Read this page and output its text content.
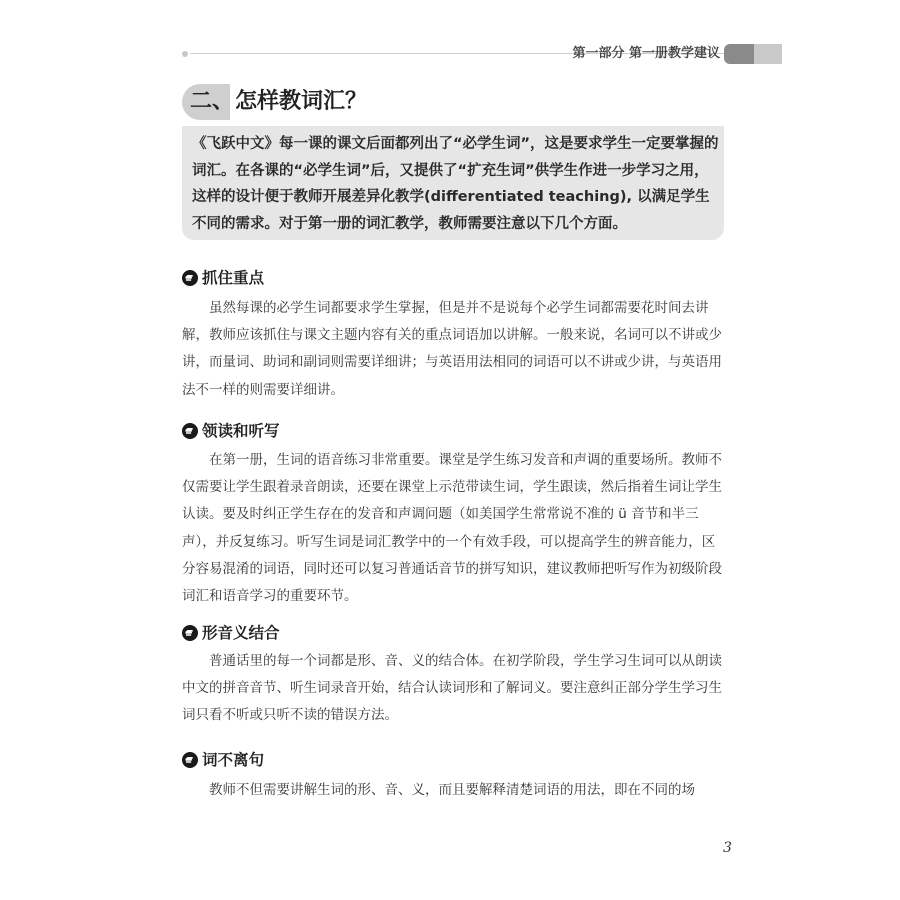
第一部分 第一册教学建议
二、 怎样教词汇？
《飞跃中文》每一课的课文后面都列出了“必学生词”，这是要求学生一定要掌握的词汇。在各课的“必学生词”后，又提供了“扩充生词”供学生作进一步学习之用，这样的设计便于教师开展差异化教学(differentiated teaching), 以满足学生不同的需求。对于第一册的词汇教学，教师需要注意以下几个方面。
抓住重点

虽然每课的必学生词都要求学生掌握，但是并不是说每个必学生词都需要花时间去讲解，教师应该抓住与课文主题内容有关的重点词语加以讲解。一般来说，名词可以不讲或少讲，而量词、助词和副词则需要详细讲；与英语用法相同的词语可以不讲或少讲，与英语用法不一样的则需要详细讲。

领读和听写

在第一册，生词的语音练习非常重要。课堂是学生练习发音和声调的重要场所。教师不仅需要让学生跟着录音朗读，还要在课堂上示范带读生词，学生跟读，然后指着生词让学生认读。要及时纠正学生存在的发音和声调问题（如美国学生常常说不准的 ü 音节和半三声），并反复练习。听写生词是词汇教学中的一个有效手段，可以提高学生的辨音能力，区分容易混淆的词语，同时还可以复习普通话音节的拼写知识，建议教师把听写作为初级阶段词汇和语音学习的重要环节。

形音义结合

普通话里的每一个词都是形、音、义的结合体。在初学阶段，学生学习生词可以从朗读中文的拼音音节、听生词录音开始，结合认读词形和了解词义。要注意纠正部分学生学习生词只看不听或只听不读的错误方法。

词不离句

教师不但需要讲解生词的形、音、义，而且要解释清楚词语的用法，即在不同的场

3
